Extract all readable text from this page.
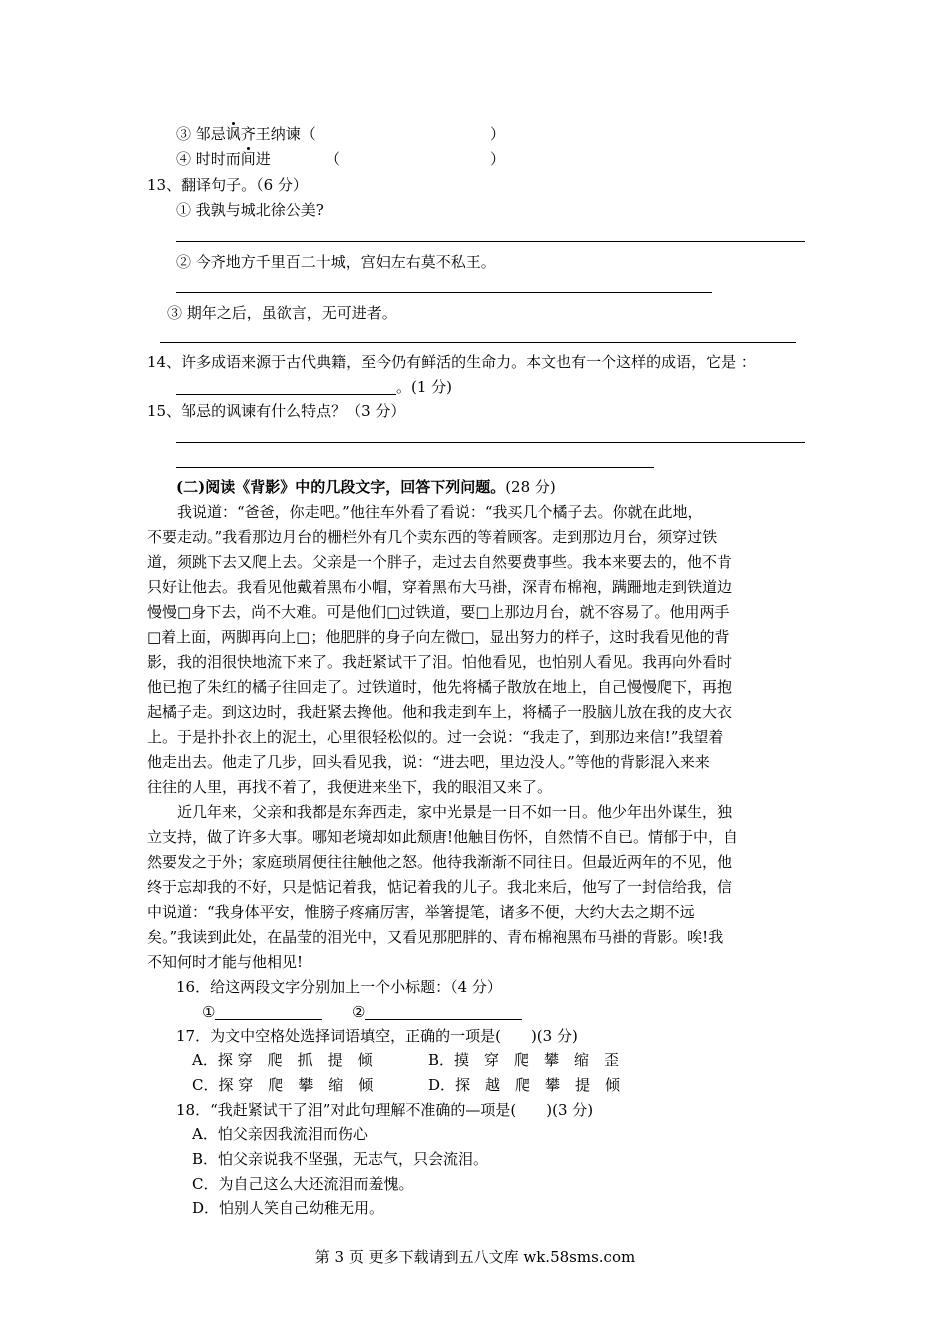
③ 邹忌讽齐王纳谏（	）
④ 时时而间进	（	）
13、翻译句子。（6 分）
① 我孰与城北徐公美?
② 今齐地方千里百二十城，宫妇左右莫不私王。
③ 期年之后，虽欲言，无可进者。
14、许多成语来源于古代典籍，至今仍有鲜活的生命力。本文也有一个这样的成语，它是 ：
。(1 分)
15、邹忌的讽谏有什么特点？（3 分）
(二)阅读《背影》中的几段文字，回答下列问题。(28 分)
　　我说道：“爸爸，你走吧。”他往车外看了看说：“我买几个橘子去。你就在此地，
不要走动。”我看那边月台的栅栏外有几个卖东西的等着顾客。走到那边月台，须穿过铁
道，须跳下去又爬上去。父亲是一个胖子，走过去自然要费事些。我本来要去的，他不肯
只好让他去。我看见他戴着黑布小帽，穿着黑布大马褂，深青布棉袍，蹒跚地走到铁道边
慢慢□身下去，尚不大难。可是他们□过铁道，要□上那边月台，就不容易了。他用两手
□着上面，两脚再向上□；他肥胖的身子向左微□，显出努力的样子，这时我看见他的背
影，我的泪很快地流下来了。我赶紧试干了泪。怕他看见，也怕别人看见。我再向外看时
他已抱了朱红的橘子往回走了。过铁道时，他先将橘子散放在地上，自己慢慢爬下，再抱
起橘子走。到这边时，我赶紧去搀他。他和我走到车上，将橘子一股脑儿放在我的皮大衣
上。于是扑扑衣上的泥土，心里很轻松似的。过一会说：“我走了，到那边来信!”我望着
他走出去。他走了几步，回头看见我，说：“进去吧，里边没人。”等他的背影混入来来
往往的人里，再找不着了，我便进来坐下，我的眼泪又来了。
　　近几年来，父亲和我都是东奔西走，家中光景是一日不如一日。他少年出外谋生，独
立支持，做了许多大事。哪知老境却如此颓唐!他触目伤怀，自然情不自已。情郁于中，自
然要发之于外；家庭琐屑便往往触他之怒。他待我渐渐不同往日。但最近两年的不见，他
终于忘却我的不好，只是惦记着我，惦记着我的儿子。我北来后，他写了一封信给我，信
中说道：“我身体平安，惟膀子疼痛厉害，举箸提笔，诸多不便，大约大去之期不远
矣。”我读到此处，在晶莹的泪光中，又看见那肥胖的、青布棉袍黑布马褂的背影。唉!我
不知何时才能与他相见!
16．给这两段文字分别加上一个小标题：（4 分）
①	②
17．为文中空格处选择词语填空，正确的一项是(　　)(3 分)
A．探 穿　爬　抓　提　倾	B．摸　穿　爬　攀　缩　歪
C．探 穿　爬　攀　缩　倾	D．探　越　爬　攀　提　倾
18．“我赶紧试干了泪”对此句理解不准确的—项是(　　)(3 分)
A．怕父亲因我流泪而伤心
B．怕父亲说我不坚强，无志气，只会流泪。
C．为自己这么大还流泪而羞愧。
D．怕别人笑自己幼稚无用。
第 3 页 更多下载请到五八文库 wk.58sms.com
